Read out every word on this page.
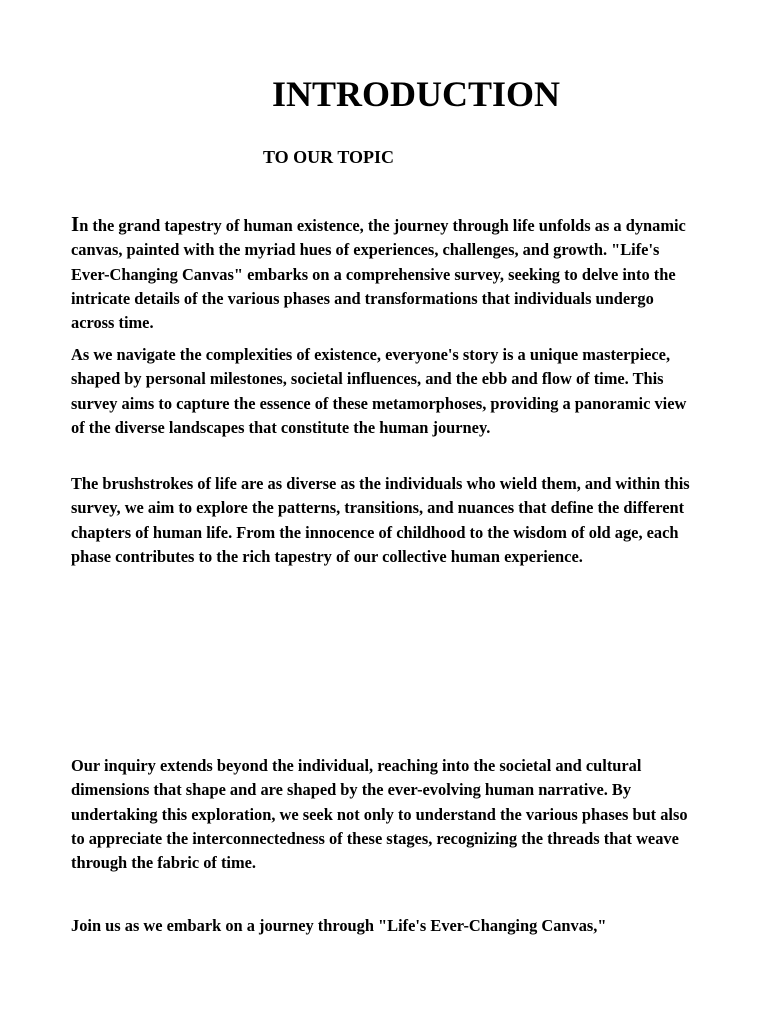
INTRODUCTION
TO OUR TOPIC

In the grand tapestry of human existence, the journey through life unfolds as a dynamic canvas, painted with the myriad hues of experiences, challenges, and growth. "Life's Ever-Changing Canvas" embarks on a comprehensive survey, seeking to delve into the intricate details of the various phases and transformations that individuals undergo across time.

As we navigate the complexities of existence, everyone's story is a unique masterpiece, shaped by personal milestones, societal influences, and the ebb and flow of time. This survey aims to capture the essence of these metamorphoses, providing a panoramic view of the diverse landscapes that constitute the human journey.

The brushstrokes of life are as diverse as the individuals who wield them, and within this survey, we aim to explore the patterns, transitions, and nuances that define the different chapters of human life. From the innocence of childhood to the wisdom of old age, each phase contributes to the rich tapestry of our collective human experience.

Our inquiry extends beyond the individual, reaching into the societal and cultural dimensions that shape and are shaped by the ever-evolving human narrative. By undertaking this exploration, we seek not only to understand the various phases but also to appreciate the interconnectedness of these stages, recognizing the threads that weave through the fabric of time.

Join us as we embark on a journey through "Life's Ever-Changing Canvas,"
